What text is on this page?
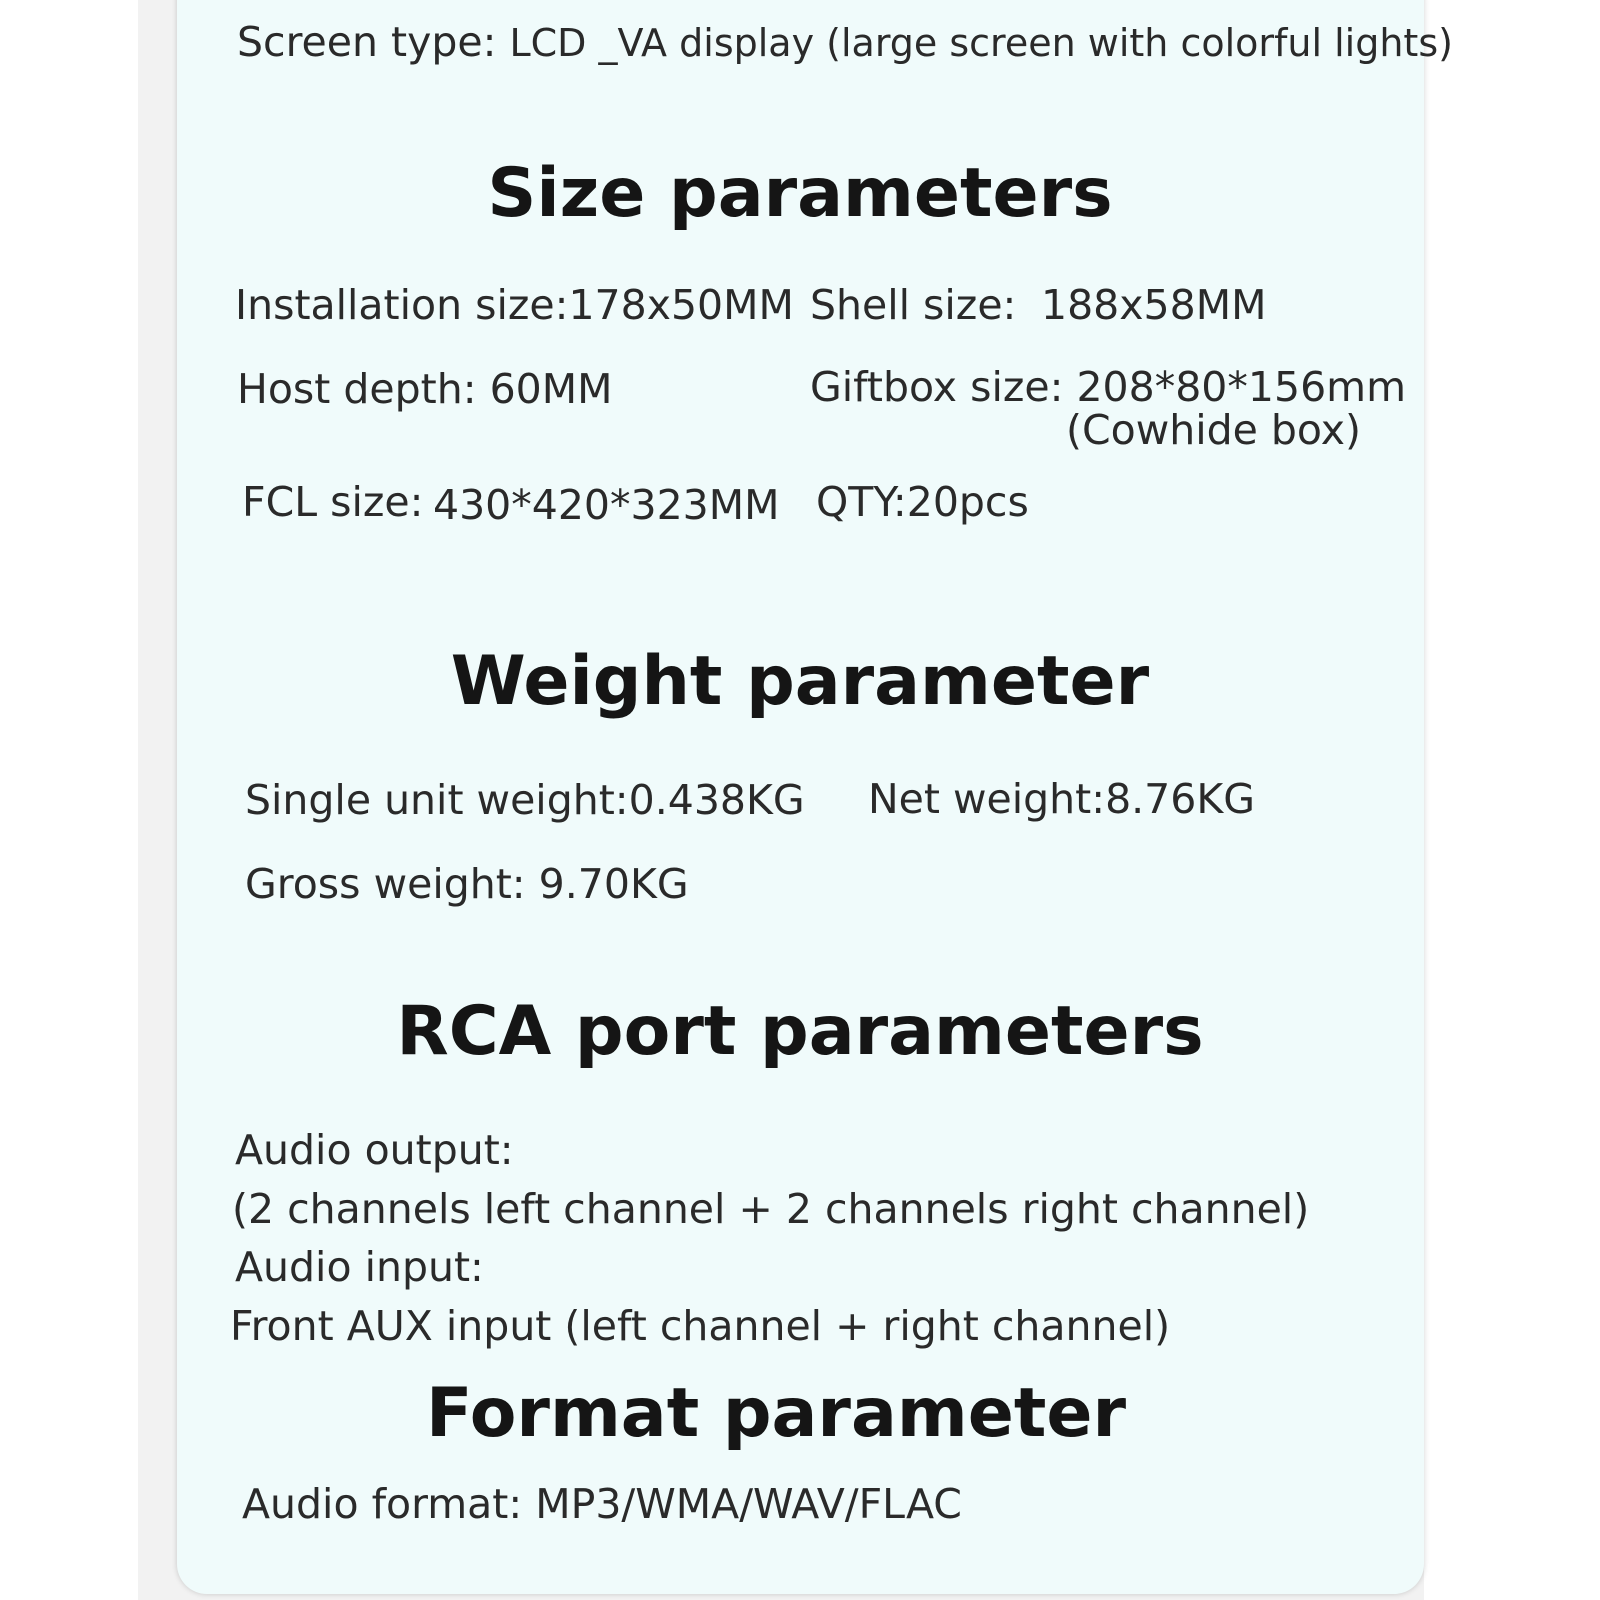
Screen type: LCD _VA display (large screen with colorful lights)
Size parameters
Installation size:178x50MM Shell size: 188x58MM
Host depth: 60MM	Giftbox size: 208*80*156mm
(Cowhide box)
FCL size: 430*420*323MM QTY:20pcs
Weight parameter
Single unit weight:0.438KG Net weight:8.76KG
Gross weight: 9.70KG
RCA port parameters
Audio output:
(2 channels left channel + 2 channels right channel)
Audio input:
Front AUX input (left channel + right channel)
Format parameter
Audio format: MP3/WMA/WAV/FLAC
